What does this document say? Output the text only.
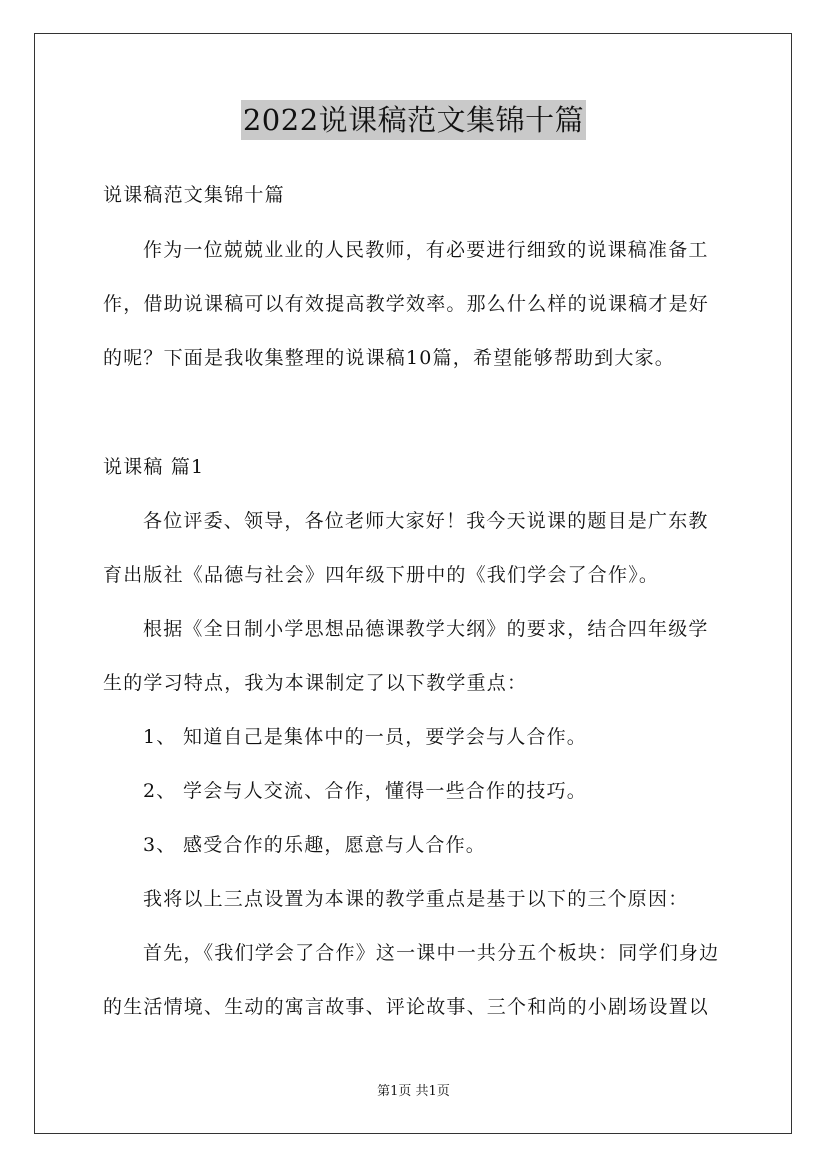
2022说课稿范文集锦十篇
说课稿范文集锦十篇
作为一位兢兢业业的人民教师，有必要进行细致的说课稿准备工
作，借助说课稿可以有效提高教学效率。那么什么样的说课稿才是好
的呢？下面是我收集整理的说课稿10篇，希望能够帮助到大家。
说课稿 篇1
各位评委、领导，各位老师大家好！我今天说课的题目是广东教
育出版社《品德与社会》四年级下册中的《我们学会了合作》。
根据《全日制小学思想品德课教学大纲》的要求，结合四年级学
生的学习特点，我为本课制定了以下教学重点：
1、 知道自己是集体中的一员，要学会与人合作。
2、 学会与人交流、合作，懂得一些合作的技巧。
3、 感受合作的乐趣，愿意与人合作。
我将以上三点设置为本课的教学重点是基于以下的三个原因：
首先，《我们学会了合作》这一课中一共分五个板块：同学们身边
的生活情境、生动的寓言故事、评论故事、三个和尚的小剧场设置以
第1页 共1页
